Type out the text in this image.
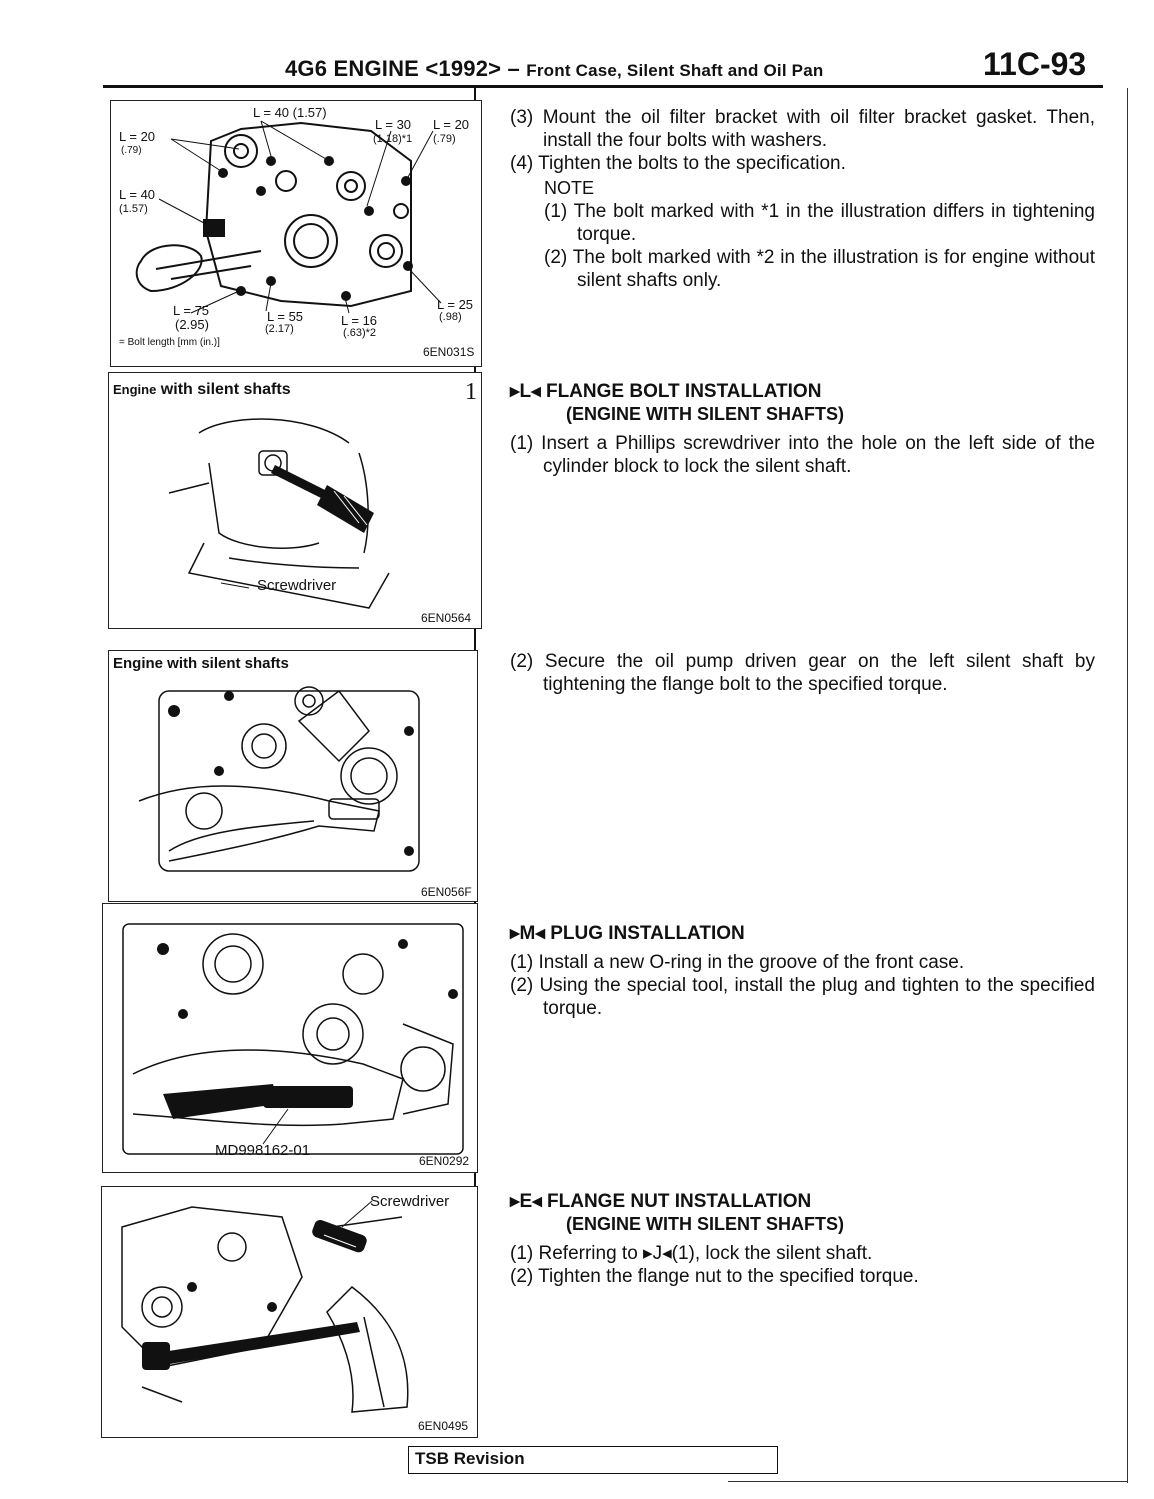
4G6 ENGINE <1992> – Front Case, Silent Shaft and Oil Pan	11C-93
L = 40 (1.57)
L = 20
(.79)
L = 30
(1.18)*1
L = 20
(.79)
L = 40
(1.57)
L = 75
(2.95)
L = 55
(2.17)
L = 16
(.63)*2
L = 25
(.98)
= Bolt length [mm (in.)]
6EN031S
Engine with silent shafts	1
Screwdriver
6EN0564
Engine with silent shafts
6EN056F
MD998162-01
6EN0292
Screwdriver
6EN0495

(3) Mount the oil filter bracket with oil filter bracket gasket. Then, install the four bolts with washers.

(4) Tighten the bolts to the specification.

NOTE

(1) The bolt marked with *1 in the illustration differs in tightening torque.

(2) The bolt marked with *2 in the illustration is for engine without silent shafts only.

▸L◂ FLANGE BOLT INSTALLATION
(ENGINE WITH SILENT SHAFTS)

(1) Insert a Phillips screwdriver into the hole on the left side of the cylinder block to lock the silent shaft.

(2) Secure the oil pump driven gear on the left silent shaft by tightening the flange bolt to the specified torque.

▸M◂ PLUG INSTALLATION

(1) Install a new O-ring in the groove of the front case.

(2) Using the special tool, install the plug and tighten to the specified torque.

▸E◂ FLANGE NUT INSTALLATION
(ENGINE WITH SILENT SHAFTS)

(1) Referring to ▸J◂(1), lock the silent shaft.

(2) Tighten the flange nut to the specified torque.

TSB Revision
